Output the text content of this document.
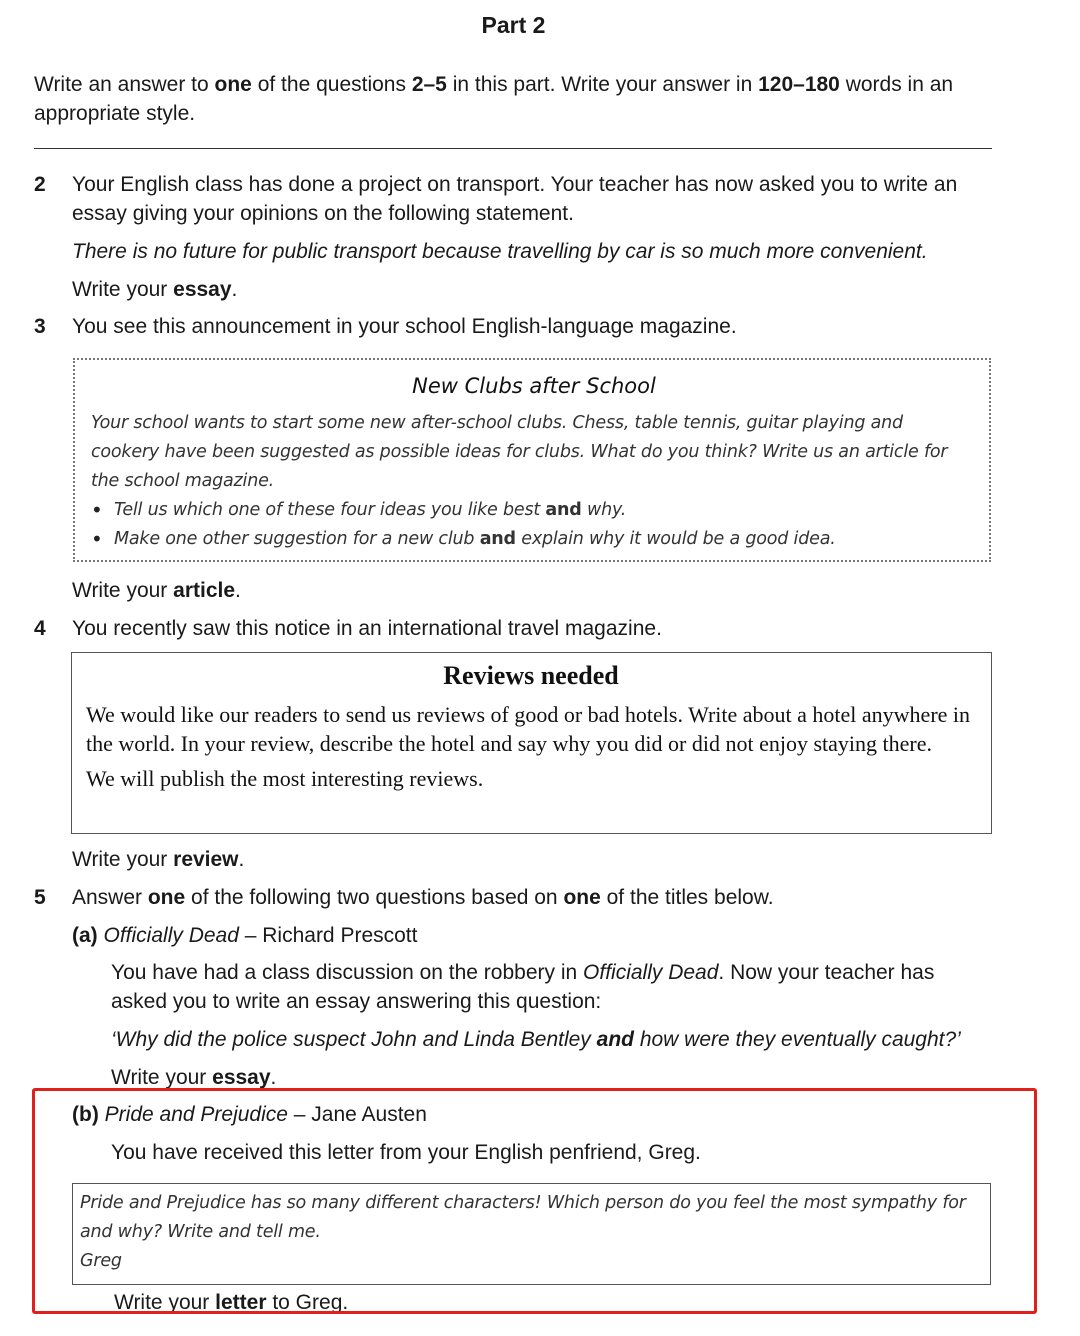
Part 2
Write an answer to one of the questions 2–5 in this part. Write your answer in 120–180 words in an appropriate style.
2	Your English class has done a project on transport. Your teacher has now asked you to write an essay giving your opinions on the following statement.
There is no future for public transport because travelling by car is so much more convenient.
Write your essay.
3	You see this announcement in your school English-language magazine.
New Clubs after School
Your school wants to start some new after-school clubs. Chess, table tennis, guitar playing and cookery have been suggested as possible ideas for clubs. What do you think? Write us an article for the school magazine.
• Tell us which one of these four ideas you like best and why.
• Make one other suggestion for a new club and explain why it would be a good idea.
Write your article.
4	You recently saw this notice in an international travel magazine.
Reviews needed

We would like our readers to send us reviews of good or bad hotels. Write about a hotel anywhere in the world. In your review, describe the hotel and say why you did or did not enjoy staying there.

We will publish the most interesting reviews.

Write your review.
5	Answer one of the following two questions based on one of the titles below.
(a) Officially Dead – Richard Prescott
You have had a class discussion on the robbery in Officially Dead. Now your teacher has asked you to write an essay answering this question:
‘Why did the police suspect John and Linda Bentley and how were they eventually caught?’
Write your essay.
(b) Pride and Prejudice – Jane Austen
You have received this letter from your English penfriend, Greg.
Pride and Prejudice has so many different characters! Which person do you feel the most sympathy for and why? Write and tell me.
Greg
Write your letter to Greg.
